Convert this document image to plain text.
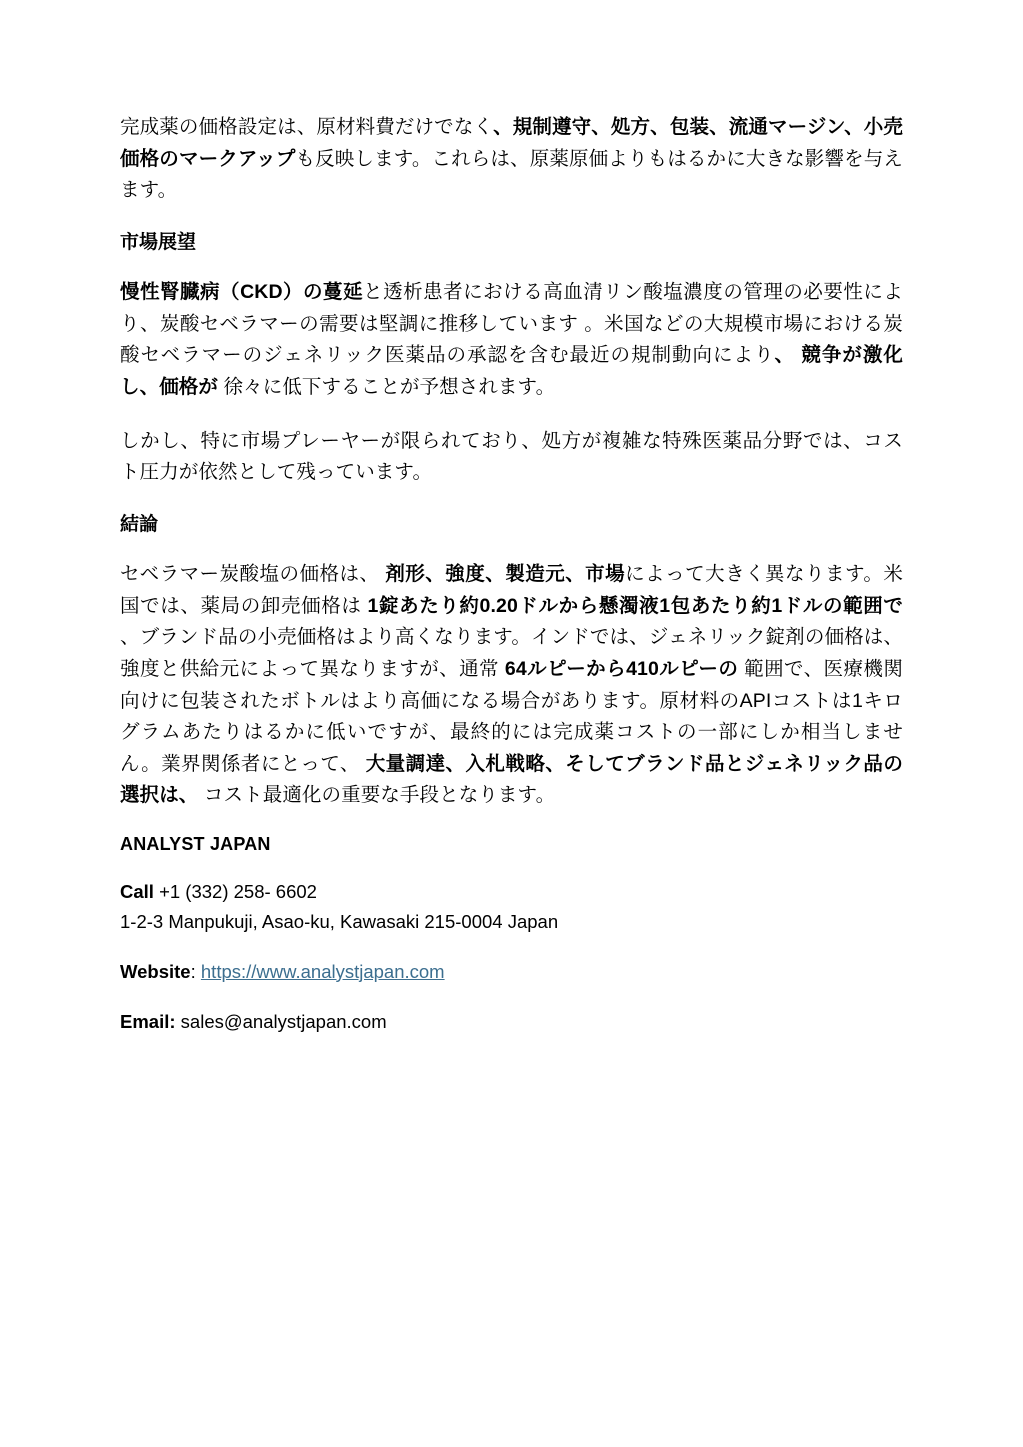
完成薬の価格設定は、原材料費だけでなく、規制遵守、処方、包装、流通マージン、小売価格のマークアップも反映します。これらは、原薬原価よりもはるかに大きな影響を与えます。

市場展望

慢性腎臓病（CKD）の蔓延と透析患者における高血清リン酸塩濃度の管理の必要性により、炭酸セベラマーの需要は堅調に推移しています 。米国などの大規模市場における炭酸セベラマーのジェネリック医薬品の承認を含む最近の規制動向により、 競争が激化し、価格が 徐々に低下することが予想されます。

しかし、特に市場プレーヤーが限られており、処方が複雑な特殊医薬品分野では、コスト圧力が依然として残っています。

結論

セベラマー炭酸塩の価格は、 剤形、強度、製造元、市場によって大きく異なります。米国では、薬局の卸売価格は 1錠あたり約0.20ドルから懸濁液1包あたり約1ドルの範囲で 、ブランド品の小売価格はより高くなります。インドでは、ジェネリック錠剤の価格は、強度と供給元によって異なりますが、通常 64ルピーから410ルピーの 範囲で、医療機関向けに包装されたボトルはより高価になる場合があります。原材料のAPIコストは1キログラムあたりはるかに低いですが、最終的には完成薬コストの一部にしか相当しません。業界関係者にとって、 大量調達、入札戦略、そしてブランド品とジェネリック品の選択は、 コスト最適化の重要な手段となります。

ANALYST JAPAN
Call +1 (332) 258- 6602
1-2-3 Manpukuji, Asao-ku, Kawasaki 215-0004 Japan
Website: https://www.analystjapan.com
Email: sales@analystjapan.com
